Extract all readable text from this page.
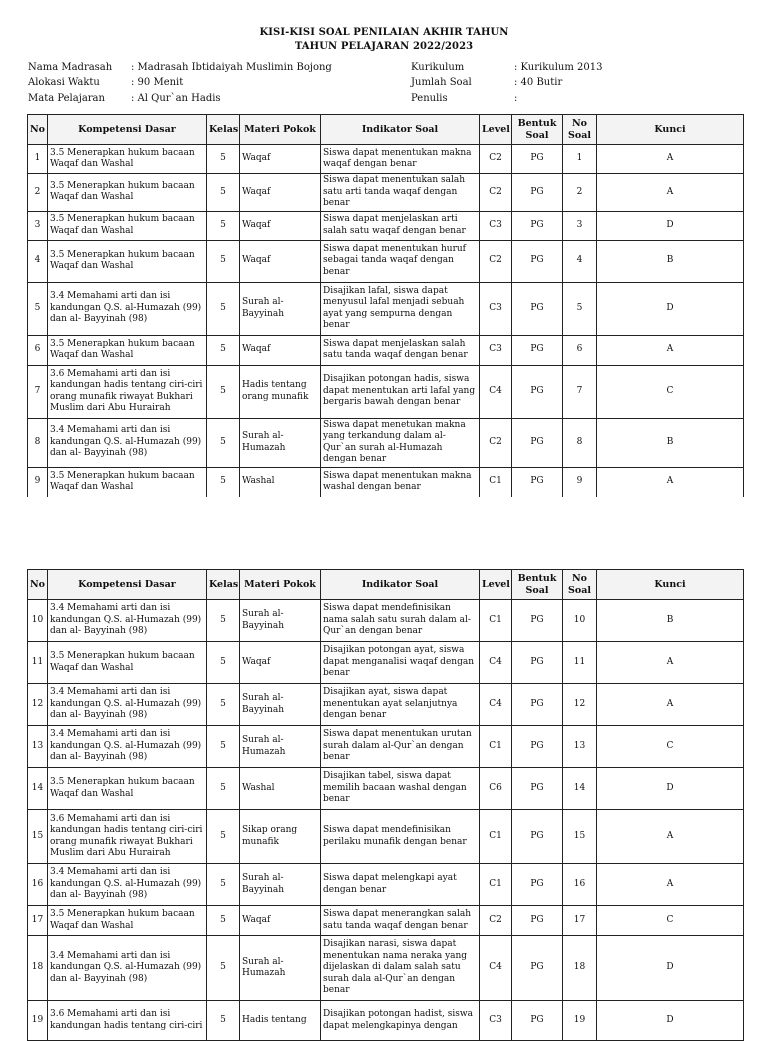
KISI-KISI SOAL PENILAIAN AKHIR TAHUN
TAHUN PELAJARAN 2022/2023
Nama Madrasah : Madrasah Ibtidaiyah Muslimin Bojong
Alokasi Waktu	: 90 Menit
Mata Pelajaran	: Al Qur`an Hadis
Kurikulum	: Kurikulum 2013
Jumlah Soal	: 40 Butir
Penulis	:
No	Kompetensi Dasar	Kelas	Materi Pokok	Indikator Soal	Level	Bentuk Soal	No Soal	Kunci
1	3.5 Menerapkan hukum bacaan Waqaf dan Washal	5	Waqaf	Siswa dapat menentukan makna waqaf dengan benar	C2	PG	1	A
2	3.5 Menerapkan hukum bacaan Waqaf dan Washal	5	Waqaf	Siswa dapat menentukan salah satu arti tanda waqaf dengan benar	C2	PG	2	A
3	3.5 Menerapkan hukum bacaan Waqaf dan Washal	5	Waqaf	Siswa dapat menjelaskan arti salah satu waqaf dengan benar	C3	PG	3	D
4	3.5 Menerapkan hukum bacaan Waqaf dan Washal	5	Waqaf	Siswa dapat menentukan huruf sebagai tanda waqaf dengan benar	C2	PG	4	B
5	3.4 Memahami arti dan isi kandungan Q.S. al-Humazah (99) dan al- Bayyinah (98)	5	Surah al-Bayyinah	Disajikan lafal, siswa dapat menyusul lafal menjadi sebuah ayat yang sempurna dengan benar	C3	PG	5	D
6	3.5 Menerapkan hukum bacaan Waqaf dan Washal	5	Waqaf	Siswa dapat menjelaskan salah satu tanda waqaf dengan benar	C3	PG	6	A
7	3.6 Memahami arti dan isi kandungan hadis tentang ciri-ciri orang munafik riwayat Bukhari Muslim dari Abu Hurairah	5	Hadis tentang orang munafik	Disajikan potongan hadis, siswa dapat menentukan arti lafal yang bergaris bawah dengan benar	C4	PG	7	C
8	3.4 Memahami arti dan isi kandungan Q.S. al-Humazah (99) dan al- Bayyinah (98)	5	Surah al-Humazah	Siswa dapat menetukan makna yang terkandung dalam al-Qur`an surah al-Humazah dengan benar	C2	PG	8	B
9	3.5 Menerapkan hukum bacaan Waqaf dan Washal	5	Washal	Siswa dapat menentukan makna washal dengan benar	C1	PG	9	A
No	Kompetensi Dasar	Kelas	Materi Pokok	Indikator Soal	Level	Bentuk Soal	No Soal	Kunci
10	3.4 Memahami arti dan isi kandungan Q.S. al-Humazah (99) dan al- Bayyinah (98)	5	Surah al-Bayyinah	Siswa dapat mendefinisikan nama salah satu surah dalam al-Qur`an dengan benar	C1	PG	10	B
11	3.5 Menerapkan hukum bacaan Waqaf dan Washal	5	Waqaf	Disajikan potongan ayat, siswa dapat menganalisi waqaf dengan benar	C4	PG	11	A
12	3.4 Memahami arti dan isi kandungan Q.S. al-Humazah (99) dan al- Bayyinah (98)	5	Surah al-Bayyinah	Disajikan ayat, siswa dapat menentukan ayat selanjutnya dengan benar	C4	PG	12	A
13	3.4 Memahami arti dan isi kandungan Q.S. al-Humazah (99) dan al- Bayyinah (98)	5	Surah al-Humazah	Siswa dapat menentukan urutan surah dalam al-Qur`an dengan benar	C1	PG	13	C
14	3.5 Menerapkan hukum bacaan Waqaf dan Washal	5	Washal	Disajikan tabel, siswa dapat memilih bacaan washal dengan benar	C6	PG	14	D
15	3.6 Memahami arti dan isi kandungan hadis tentang ciri-ciri orang munafik riwayat Bukhari Muslim dari Abu Hurairah	5	Sikap orang munafik	Siswa dapat mendefinisikan perilaku munafik dengan benar	C1	PG	15	A
16	3.4 Memahami arti dan isi kandungan Q.S. al-Humazah (99) dan al- Bayyinah (98)	5	Surah al-Bayyinah	Siswa dapat melengkapi ayat dengan benar	C1	PG	16	A
17	3.5 Menerapkan hukum bacaan Waqaf dan Washal	5	Waqaf	Siswa dapat menerangkan salah satu tanda waqaf dengan benar	C2	PG	17	C
18	3.4 Memahami arti dan isi kandungan Q.S. al-Humazah (99) dan al- Bayyinah (98)	5	Surah al-Humazah	Disajikan narasi, siswa dapat menentukan nama neraka yang dijelaskan di dalam salah satu surah dala al-Qur`an dengan benar	C4	PG	18	D
19	3.6 Memahami arti dan isi kandungan hadis tentang ciri-ciri	5	Hadis tentang	Disajikan potongan hadist, siswa dapat melengkapinya dengan	C3	PG	19	D
